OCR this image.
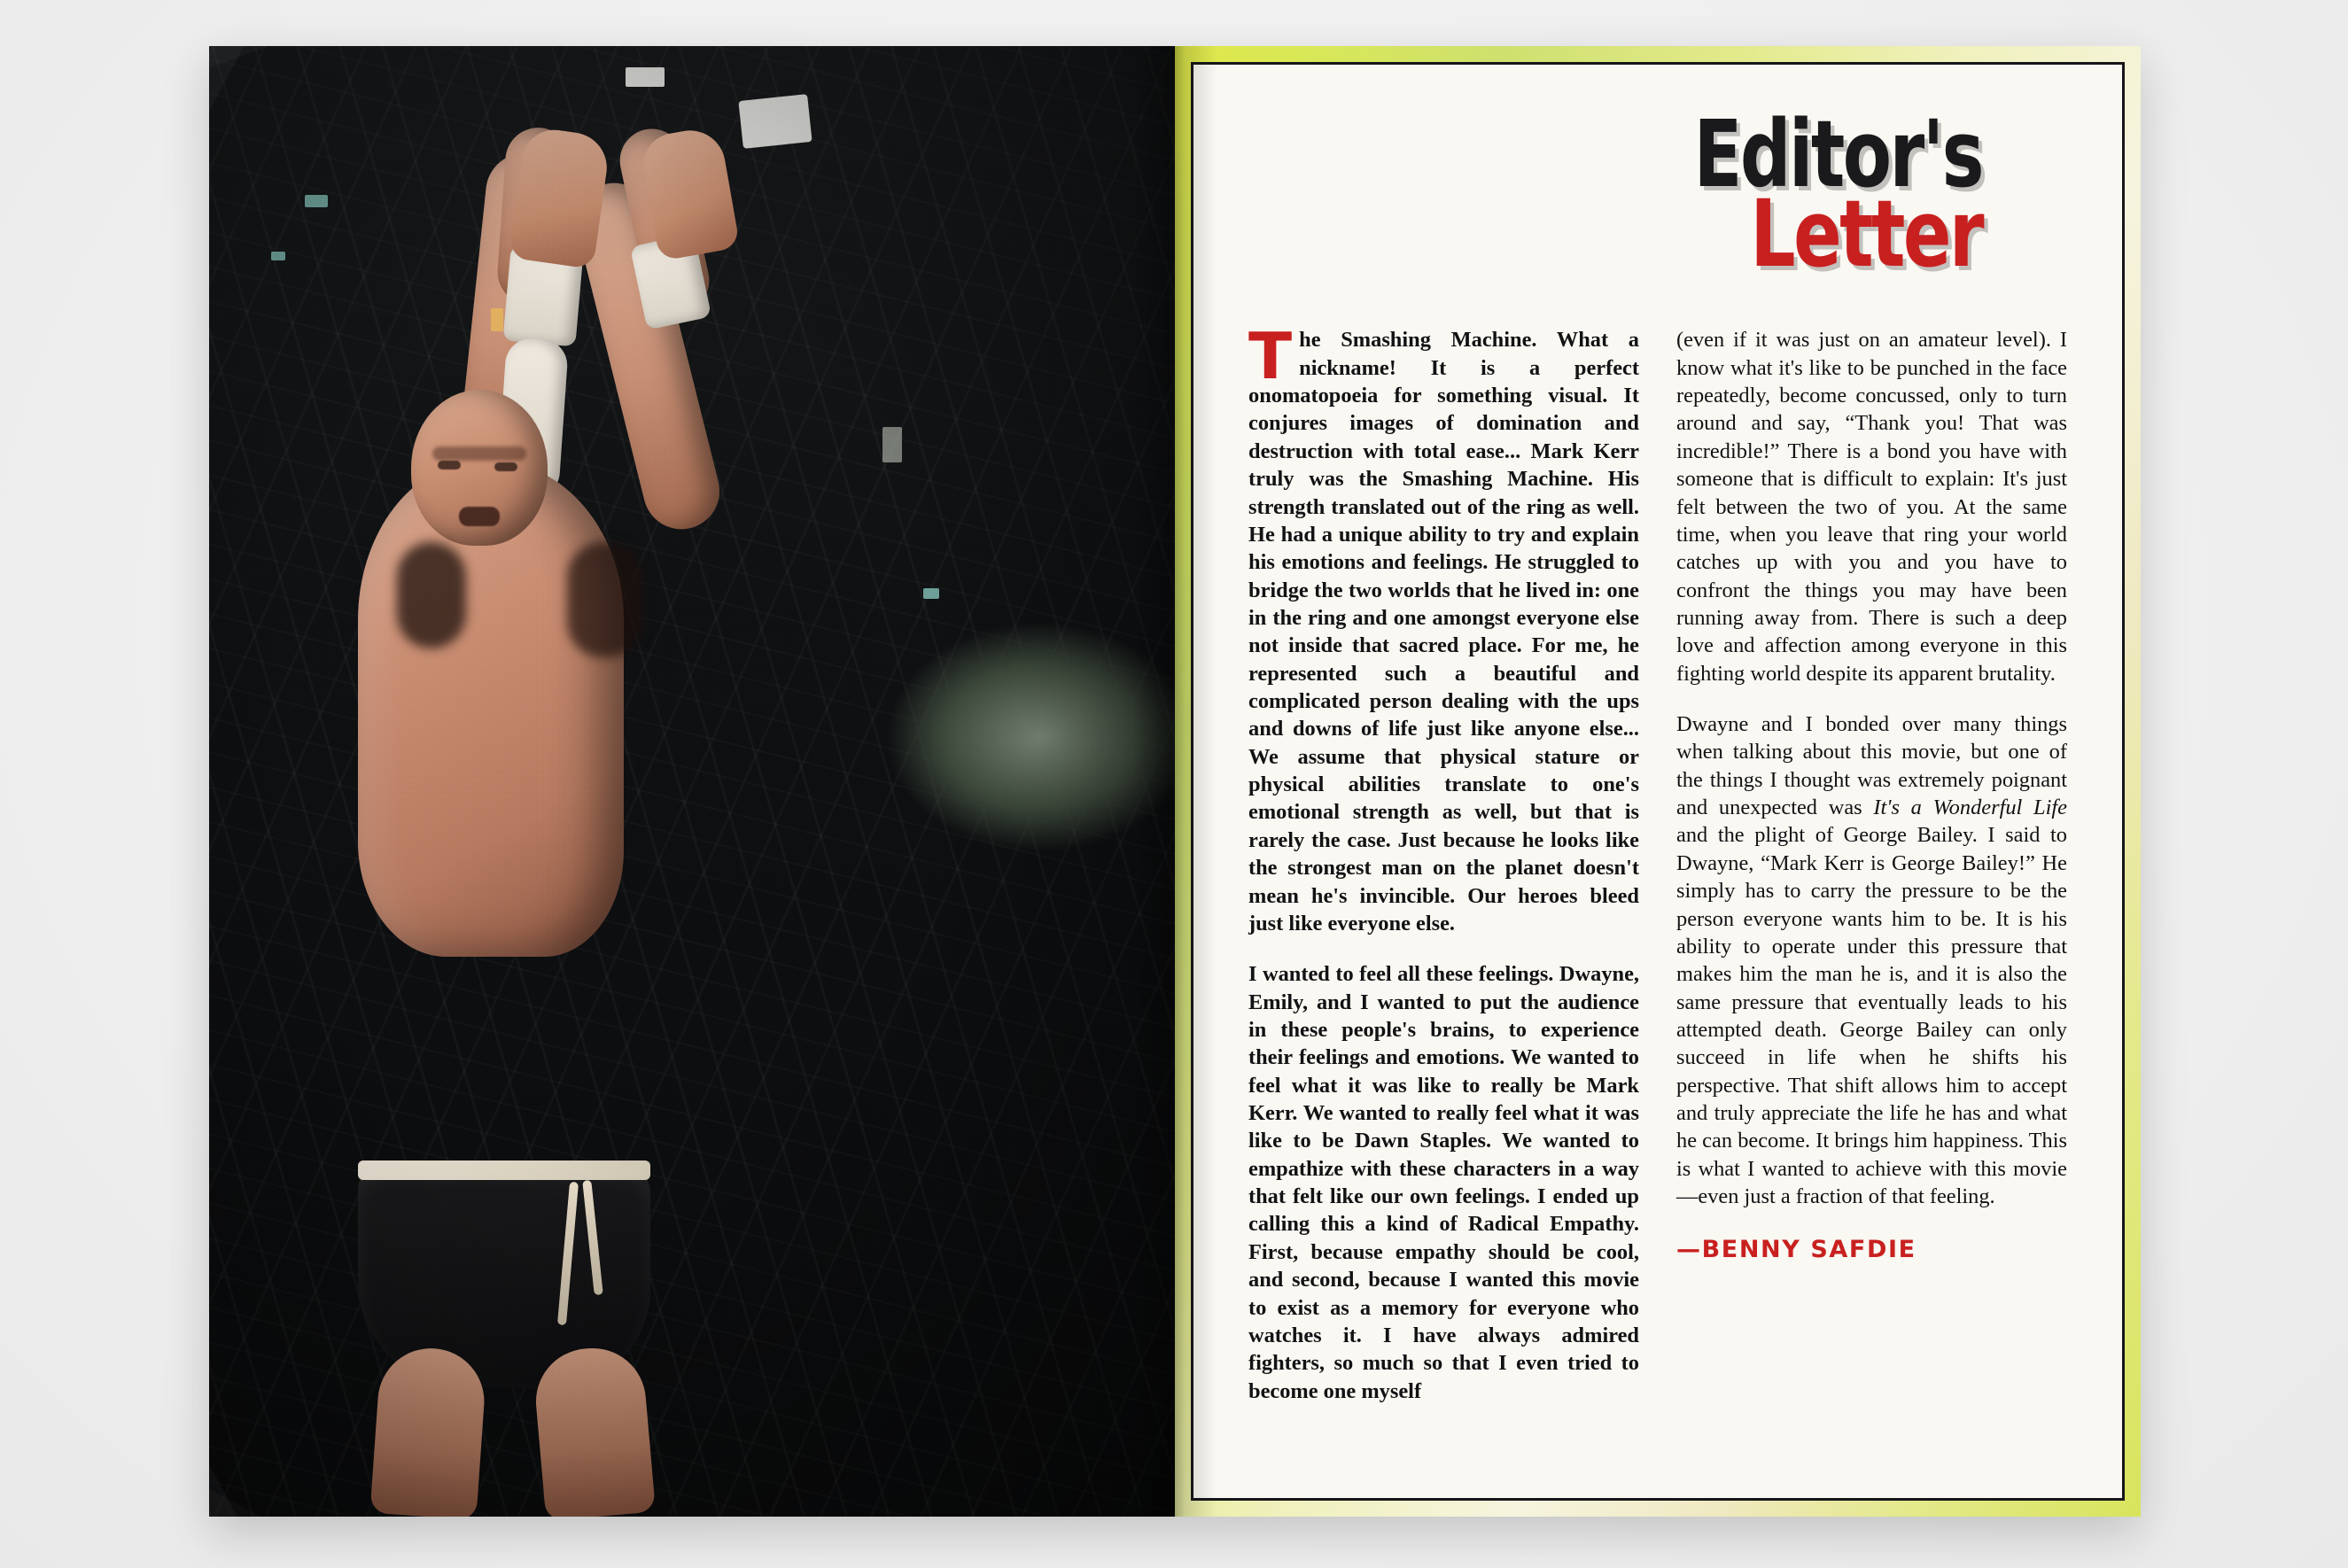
Editor's
Letter

The Smashing Machine. What a nickname! It is a perfect onomatopoeia for something visual. It conjures images of domination and destruction with total ease... Mark Kerr truly was the Smashing Machine. His strength translated out of the ring as well. He had a unique ability to try and explain his emotions and feelings. He struggled to bridge the two worlds that he lived in: one in the ring and one amongst everyone else not inside that sacred place. For me, he represented such a beautiful and complicated person dealing with the ups and downs of life just like anyone else... We assume that physical stature or physical abilities translate to one's emotional strength as well, but that is rarely the case. Just because he looks like the strongest man on the planet doesn't mean he's invincible. Our heroes bleed just like everyone else.

I wanted to feel all these feelings. Dwayne, Emily, and I wanted to put the audience in these people's brains, to experience their feelings and emotions. We wanted to feel what it was like to really be Mark Kerr. We wanted to really feel what it was like to be Dawn Staples. We wanted to empathize with these characters in a way that felt like our own feelings. I ended up calling this a kind of Radical Empathy. First, because empathy should be cool, and second, because I wanted this movie to exist as a memory for everyone who watches it. I have always admired fighters, so much so that I even tried to become one myself

(even if it was just on an amateur level). I know what it's like to be punched in the face repeatedly, become concussed, only to turn around and say, “Thank you! That was incredible!” There is a bond you have with someone that is difficult to explain: It's just felt between the two of you. At the same time, when you leave that ring your world catches up with you and you have to confront the things you may have been running away from. There is such a deep love and affection among everyone in this fighting world despite its apparent brutality.

Dwayne and I bonded over many things when talking about this movie, but one of the things I thought was extremely poignant and unexpected was It's a Wonderful Life and the plight of George Bailey. I said to Dwayne, “Mark Kerr is George Bailey!” He simply has to carry the pressure to be the person everyone wants him to be. It is his ability to operate under this pressure that makes him the man he is, and it is also the same pressure that eventually leads to his attempted death. George Bailey can only succeed in life when he shifts his perspective. That shift allows him to accept and truly appreciate the life he has and what he can become. It brings him happiness. This is what I wanted to achieve with this movie—even just a fraction of that feeling.

—BENNY SAFDIE
